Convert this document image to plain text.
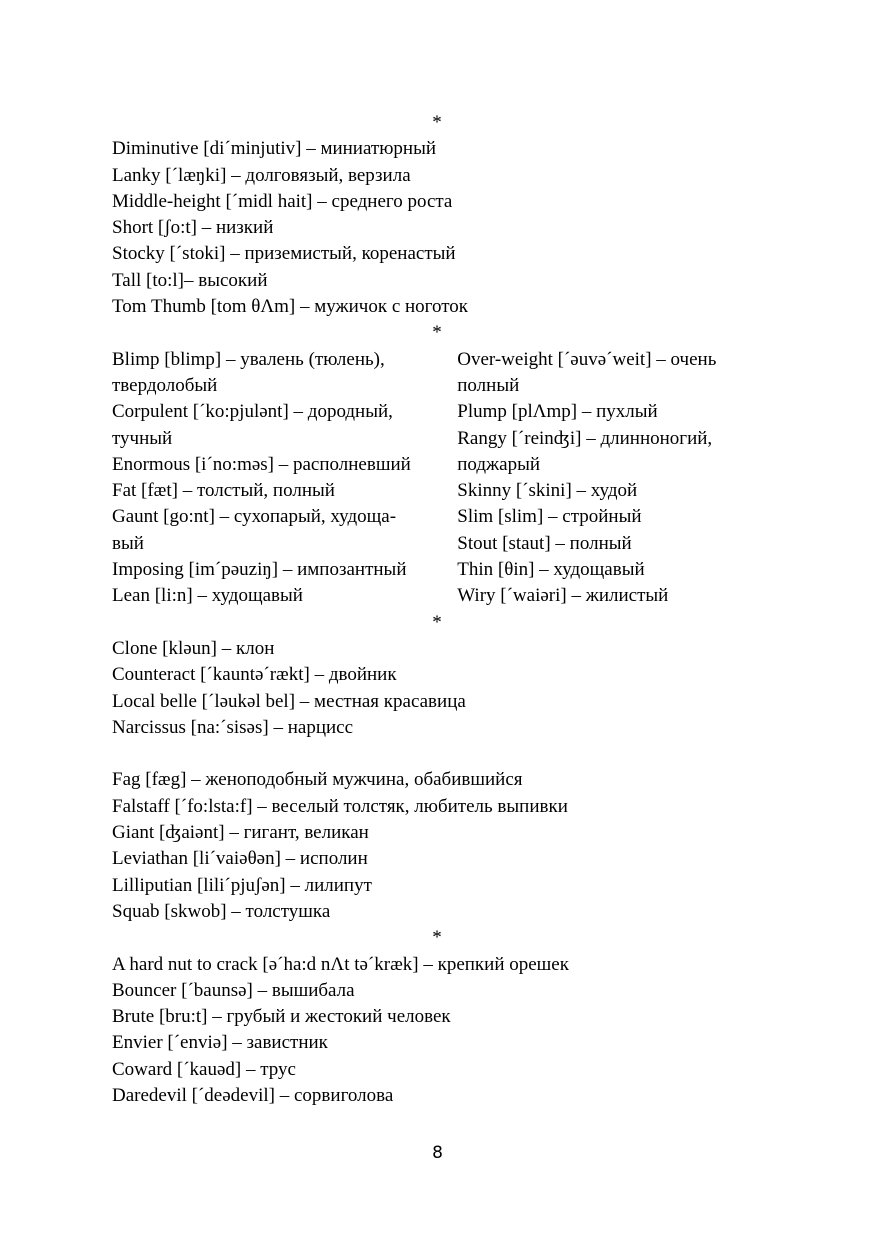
*
Diminutive [di´minjutiv] – миниатюрный
Lanky [´læŋki] – долговязый, верзила
Middle-height [´midl hait] – среднего роста
Short [ʃo:t] – низкий
Stocky [´stoki] – приземистый, коренастый
Tall [to:l]– высокий
Tom Thumb [tom θΛm] – мужичок с ноготок
*
Blimp [blimp] – увалень (тюлень),
твердолобый
Corpulent [´ko:pjulənt] – дородный,
тучный
Enormous [i´no:məs] – располневший
Fat [fæt] – толстый, полный
Gaunt [go:nt] – сухопарый, худоща-
вый
Imposing [im´pəuziŋ] – импозантный
Lean [li:n] – худощавый
Over-weight [´əuvə´weit] – очень
полный
Plump [plΛmp] – пухлый
Rangy [´reinʤi] – длинноногий,
поджарый
Skinny [´skini] – худой
Slim [slim] – стройный
Stout [staut] – полный
Thin [θin] – худощавый
Wiry [´waiəri] – жилистый
*
Clone [kləun] – клон
Counteract [´kauntə´rækt] – двойник
Local belle [´ləukəl bel] – местная красавица
Narcissus [na:´sisəs] – нарцисс
Fag [fæg] – женоподобный мужчина, обабившийся
Falstaff [´fo:lsta:f] – веселый толстяк, любитель выпивки
Giant [ʤaiənt] – гигант, великан
Leviathan [li´vaiəθən] – исполин
Lilliputian [lili´pjuʃən] – лилипут
Squab [skwob] – толстушка
*
A hard nut to crack [ə´ha:d nΛt tə´kræk] – крепкий орешек
Bouncer [´baunsə] – вышибала
Brute [bru:t] – грубый и жестокий человек
Envier [´enviə] – завистник
Coward [´kauəd] – трус
Daredevil [´deədevil] – сорвиголова
8
